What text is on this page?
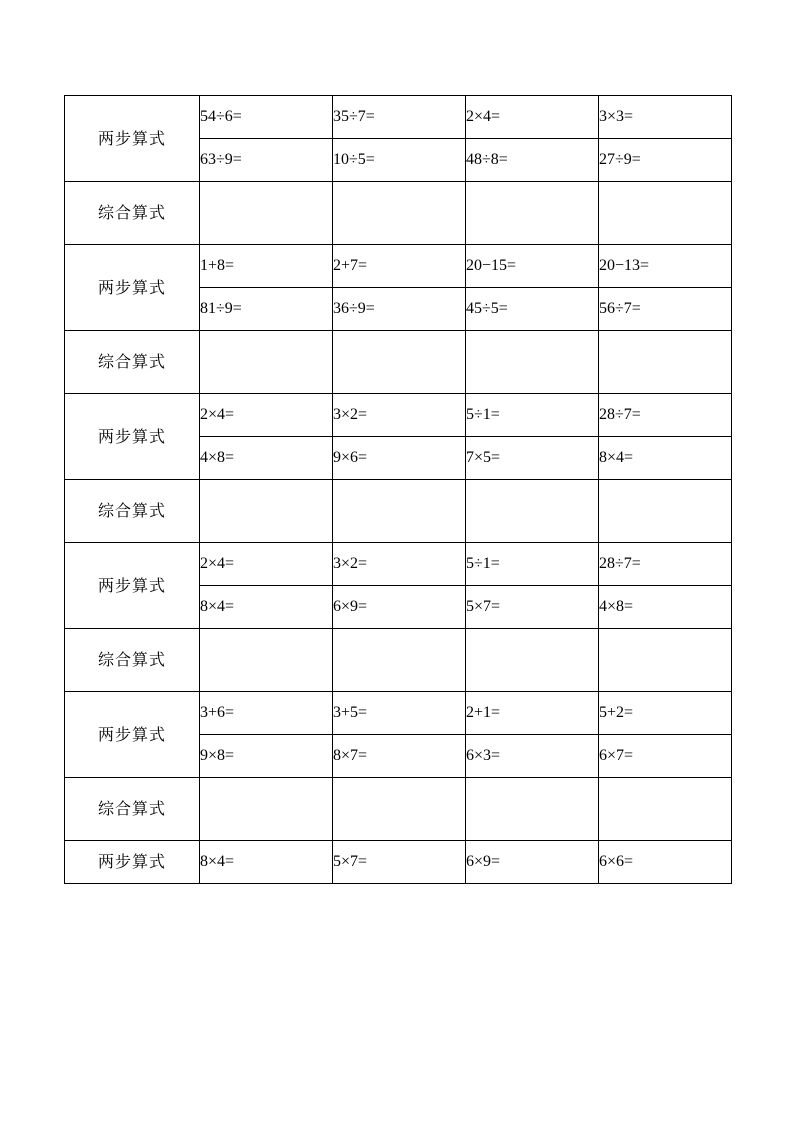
两步算式	54÷6=	35÷7=	2×4=	3×3=
	63÷9=	10÷5=	48÷8=	27÷9=

综合算式				

两步算式	1+8=	2+7=	20−15=	20−13=
	81÷9=	36÷9=	45÷5=	56÷7=

综合算式				

两步算式	2×4=	3×2=	5÷1=	28÷7=
	4×8=	9×6=	7×5=	8×4=

综合算式				

两步算式	2×4=	3×2=	5÷1=	28÷7=
	8×4=	6×9=	5×7=	4×8=

综合算式				

两步算式	3+6=	3+5=	2+1=	5+2=
	9×8=	8×7=	6×3=	6×7=

综合算式				

两步算式	8×4=	5×7=	6×9=	6×6=
